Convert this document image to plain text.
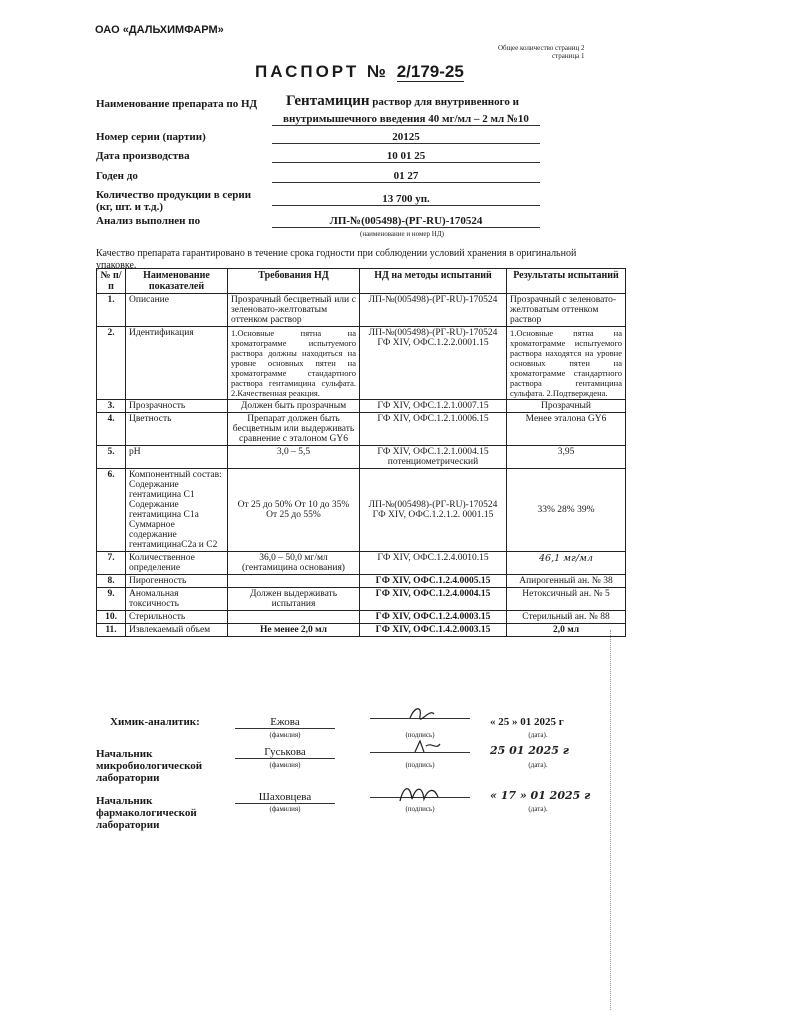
ОАО «ДАЛЬХИМФАРМ»
Общее количество страниц 2
страница 1
ПАСПОРТ № 2/179-25
Наименование препарата по НД Гентамицин раствор для внутривенного и
внутримышечного введения 40 мг/мл – 2 мл №10
Номер серии (партии)	20125
Дата производства	10 01 25
Годен до	01 27
Количество продукции в серии
(кг, шт. и т.д.)
13 700 уп.
Анализ выполнен по	ЛП-№(005498)-(РГ-RU)-170524
(наименование и номер НД)
Качество препарата гарантировано в течение срока годности при соблюдении условий хранения в оригинальной упаковке.
№ п/п	Наименование показателей	Требования НД	НД на методы испытаний	Результаты испытаний
1.	Описание	Прозрачный бесцветный или с зеленовато-желтоватым оттенком раствор	ЛП-№(005498)-(РГ-RU)-170524	Прозрачный с зеленовато-желтоватым оттенком раствор
2.	Идентификация	1.Основные пятна на хроматограмме испытуемого раствора должны находиться на уровне основных пятен на хроматограмме стандартного раствора гентамицина сульфата. 2.Качественная реакция.	ЛП-№(005498)-(РГ-RU)-170524 ГФ XIV, ОФС.1.2.2.0001.15	1.Основные пятна на хроматограмме испытуемого раствора находятся на уровне основных пятен на хроматограмме стандартного раствора гентамицина сульфата. 2.Подтверждена.
3.	Прозрачность	Должен быть прозрачным	ГФ XIV, ОФС.1.2.1.0007.15	Прозрачный
4.	Цветность	Препарат должен быть бесцветным или выдерживать сравнение с эталоном GY6	ГФ XIV, ОФС.1.2.1.0006.15	Менее эталона GY6
5.	pH	3,0 – 5,5	ГФ XIV, ОФС.1.2.1.0004.15 потенциометрический	3,95
6.	Компонентный состав: Содержание гентамицина C1 Содержание гентамицина C1a Суммарное содержание гентамицинаC2a и C2	От 25 до 50% От 10 до 35% От 25 до 55%	ЛП-№(005498)-(РГ-RU)-170524 ГФ XIV, ОФС.1.2.1.2. 0001.15	33% 28% 39%
7.	Количественное определение	36,0 – 50,0 мг/мл (гентамицина основания)	ГФ XIV, ОФС.1.2.4.0010.15	46,1 мг/мл
8.	Пирогенность		ГФ XIV, ОФС.1.2.4.0005.15	Апирогенный ан. № 38
9.	Аномальная токсичность	Должен выдерживать испытания	ГФ XIV, ОФС.1.2.4.0004.15	Нетоксичный ан. № 5
10.	Стерильность		ГФ XIV, ОФС.1.2.4.0003.15	Стерильный ан. № 88
11.	Извлекаемый объем	Не менее 2,0 мл	ГФ XIV, ОФС.1.4.2.0003.15	2,0 мл
Химик-аналитик:	Ежова
(фамилия)	(подпись)
« 25 » 01 2025 г
(дата).
Начальник микробиологической лаборатории
Гуськова
(фамилия)	(подпись)
25 01 2025 г
(дата).
Начальник фармакологической лаборатории
Шаховцева
(фамилия)	(подпись)
« 17 » 01 2025 г
(дата).
